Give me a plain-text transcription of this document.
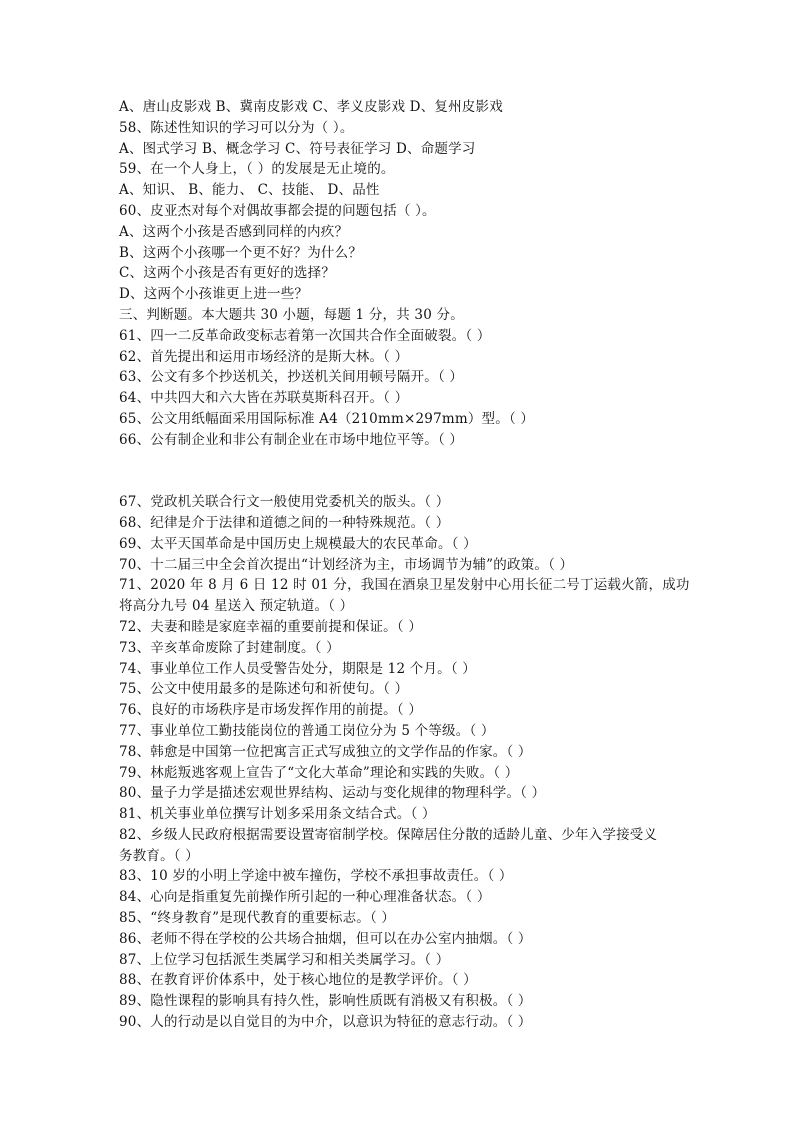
A、唐山皮影戏 B、冀南皮影戏 C、孝义皮影戏 D、复州皮影戏
58、陈述性知识的学习可以分为（ ）。
A、图式学习 B、概念学习 C、符号表征学习 D、命题学习
59、在一个人身上，（ ）的发展是无止境的。
A、知识、 B、能力、 C、技能、 D、品性
60、皮亚杰对每个对偶故事都会提的问题包括（ ）。
A、这两个小孩是否感到同样的内疚？
B、这两个小孩哪一个更不好？为什么？
C、这两个小孩是否有更好的选择？
D、这两个小孩谁更上进一些？
三、判断题。本大题共 30 小题，每题 1 分，共 30 分。
61、四一二反革命政变标志着第一次国共合作全面破裂。（ ）
62、首先提出和运用市场经济的是斯大林。（ ）
63、公文有多个抄送机关，抄送机关间用顿号隔开。（ ）
64、中共四大和六大皆在苏联莫斯科召开。（ ）
65、公文用纸幅面采用国际标准 A4（210mm×297mm）型。（ ）
66、公有制企业和非公有制企业在市场中地位平等。（ ）
67、党政机关联合行文一般使用党委机关的版头。（ ）
68、纪律是介于法律和道德之间的一种特殊规范。（ ）
69、太平天国革命是中国历史上规模最大的农民革命。（ ）
70、十二届三中全会首次提出“计划经济为主，市场调节为辅”的政策。（ ）
71、2020 年 8 月 6 日 12 时 01 分，我国在酒泉卫星发射中心用长征二号丁运载火箭，成功
将高分九号 04 星送入 预定轨道。（ ）
72、夫妻和睦是家庭幸福的重要前提和保证。（ ）
73、辛亥革命废除了封建制度。（ ）
74、事业单位工作人员受警告处分，期限是 12 个月。（ ）
75、公文中使用最多的是陈述句和祈使句。（ ）
76、良好的市场秩序是市场发挥作用的前提。（ ）
77、事业单位工勤技能岗位的普通工岗位分为 5 个等级。（ ）
78、韩愈是中国第一位把寓言正式写成独立的文学作品的作家。（ ）
79、林彪叛逃客观上宣告了“文化大革命”理论和实践的失败。（ ）
80、量子力学是描述宏观世界结构、运动与变化规律的物理科学。（ ）
81、机关事业单位撰写计划多采用条文结合式。（ ）
82、乡级人民政府根据需要设置寄宿制学校。保障居住分散的适龄儿童、少年入学接受义
务教育。（ ）
83、10 岁的小明上学途中被车撞伤，学校不承担事故责任。（ ）
84、心向是指重复先前操作所引起的一种心理准备状态。（ ）
85、“终身教育”是现代教育的重要标志。（ ）
86、老师不得在学校的公共场合抽烟，但可以在办公室内抽烟。（ ）
87、上位学习包括派生类属学习和相关类属学习。（ ）
88、在教育评价体系中，处于核心地位的是教学评价。（ ）
89、隐性课程的影响具有持久性，影响性质既有消极又有积极。（ ）
90、人的行动是以自觉目的为中介，以意识为特征的意志行动。（ ）
